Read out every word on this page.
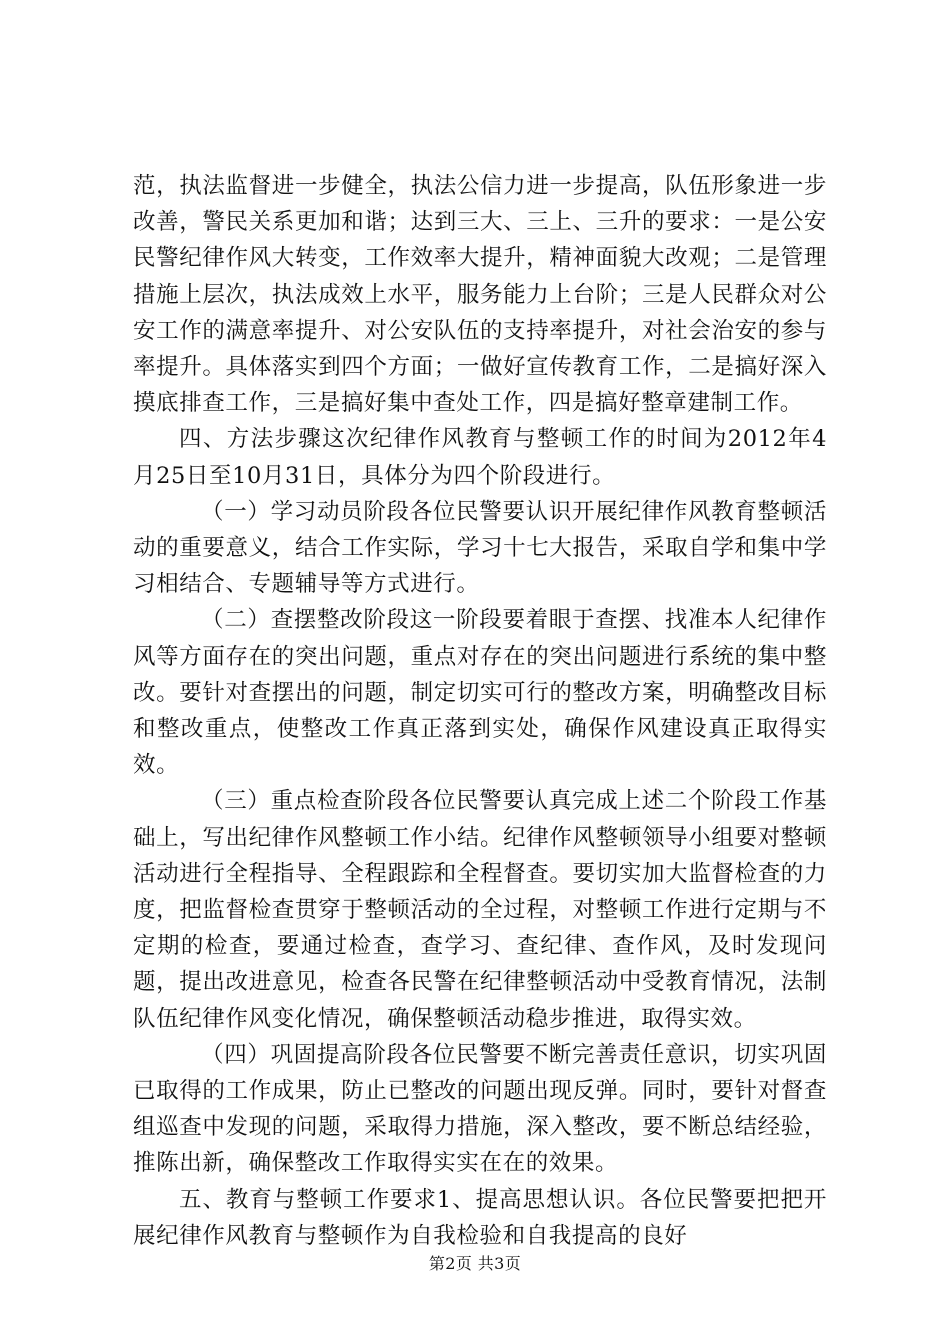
范，执法监督进一步健全，执法公信力进一步提高，队伍形象进一步改善，警民关系更加和谐；达到三大、三上、三升的要求：一是公安民警纪律作风大转变，工作效率大提升，精神面貌大改观；二是管理措施上层次，执法成效上水平，服务能力上台阶；三是人民群众对公安工作的满意率提升、对公安队伍的支持率提升，对社会治安的参与率提升。具体落实到四个方面；一做好宣传教育工作，二是搞好深入摸底排查工作，三是搞好集中查处工作，四是搞好整章建制工作。

四、方法步骤这次纪律作风教育与整顿工作的时间为2012年4月25日至10月31日，具体分为四个阶段进行。

（一）学习动员阶段各位民警要认识开展纪律作风教育整顿活动的重要意义，结合工作实际，学习十七大报告，采取自学和集中学习相结合、专题辅导等方式进行。

（二）查摆整改阶段这一阶段要着眼于查摆、找准本人纪律作风等方面存在的突出问题，重点对存在的突出问题进行系统的集中整改。要针对查摆出的问题，制定切实可行的整改方案，明确整改目标和整改重点，使整改工作真正落到实处，确保作风建设真正取得实效。

（三）重点检查阶段各位民警要认真完成上述二个阶段工作基础上，写出纪律作风整顿工作小结。纪律作风整顿领导小组要对整顿活动进行全程指导、全程跟踪和全程督查。要切实加大监督检查的力度，把监督检查贯穿于整顿活动的全过程，对整顿工作进行定期与不定期的检查，要通过检查，查学习、查纪律、查作风，及时发现问题，提出改进意见，检查各民警在纪律整顿活动中受教育情况，法制队伍纪律作风变化情况，确保整顿活动稳步推进，取得实效。

（四）巩固提高阶段各位民警要不断完善责任意识，切实巩固已取得的工作成果，防止已整改的问题出现反弹。同时，要针对督查组巡查中发现的问题，采取得力措施，深入整改，要不断总结经验，推陈出新，确保整改工作取得实实在在的效果。

五、教育与整顿工作要求1、提高思想认识。各位民警要把把开展纪律作风教育与整顿作为自我检验和自我提高的良好

第2页 共3页
